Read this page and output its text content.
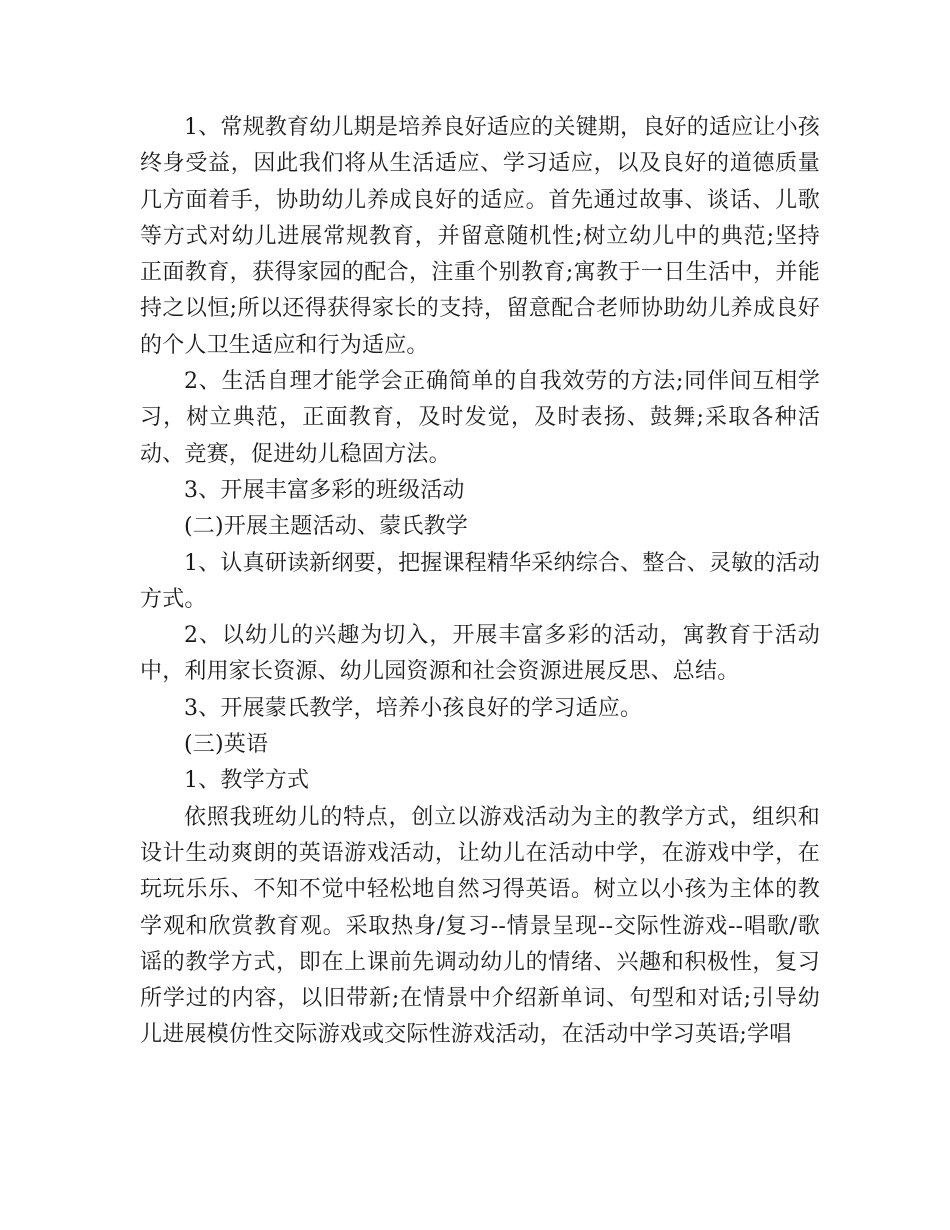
1、常规教育幼儿期是培养良好适应的关键期，良好的适应让小孩终身受益，因此我们将从生活适应、学习适应，以及良好的道德质量几方面着手，协助幼儿养成良好的适应。首先通过故事、谈话、儿歌等方式对幼儿进展常规教育，并留意随机性;树立幼儿中的典范;坚持正面教育，获得家园的配合，注重个别教育;寓教于一日生活中，并能持之以恒;所以还得获得家长的支持，留意配合老师协助幼儿养成良好的个人卫生适应和行为适应。

2、生活自理才能学会正确简单的自我效劳的方法;同伴间互相学习，树立典范，正面教育，及时发觉，及时表扬、鼓舞;采取各种活动、竞赛，促进幼儿稳固方法。

3、开展丰富多彩的班级活动

(二)开展主题活动、蒙氏教学

1、认真研读新纲要，把握课程精华采纳综合、整合、灵敏的活动方式。

2、以幼儿的兴趣为切入，开展丰富多彩的活动，寓教育于活动中，利用家长资源、幼儿园资源和社会资源进展反思、总结。

3、开展蒙氏教学，培养小孩良好的学习适应。

(三)英语

1、教学方式

依照我班幼儿的特点，创立以游戏活动为主的教学方式，组织和设计生动爽朗的英语游戏活动，让幼儿在活动中学，在游戏中学，在玩玩乐乐、不知不觉中轻松地自然习得英语。树立以小孩为主体的教学观和欣赏教育观。采取热身/复习--情景呈现--交际性游戏--唱歌/歌谣的教学方式，即在上课前先调动幼儿的情绪、兴趣和积极性，复习所学过的内容，以旧带新;在情景中介绍新单词、句型和对话;引导幼儿进展模仿性交际游戏或交际性游戏活动，在活动中学习英语;学唱
